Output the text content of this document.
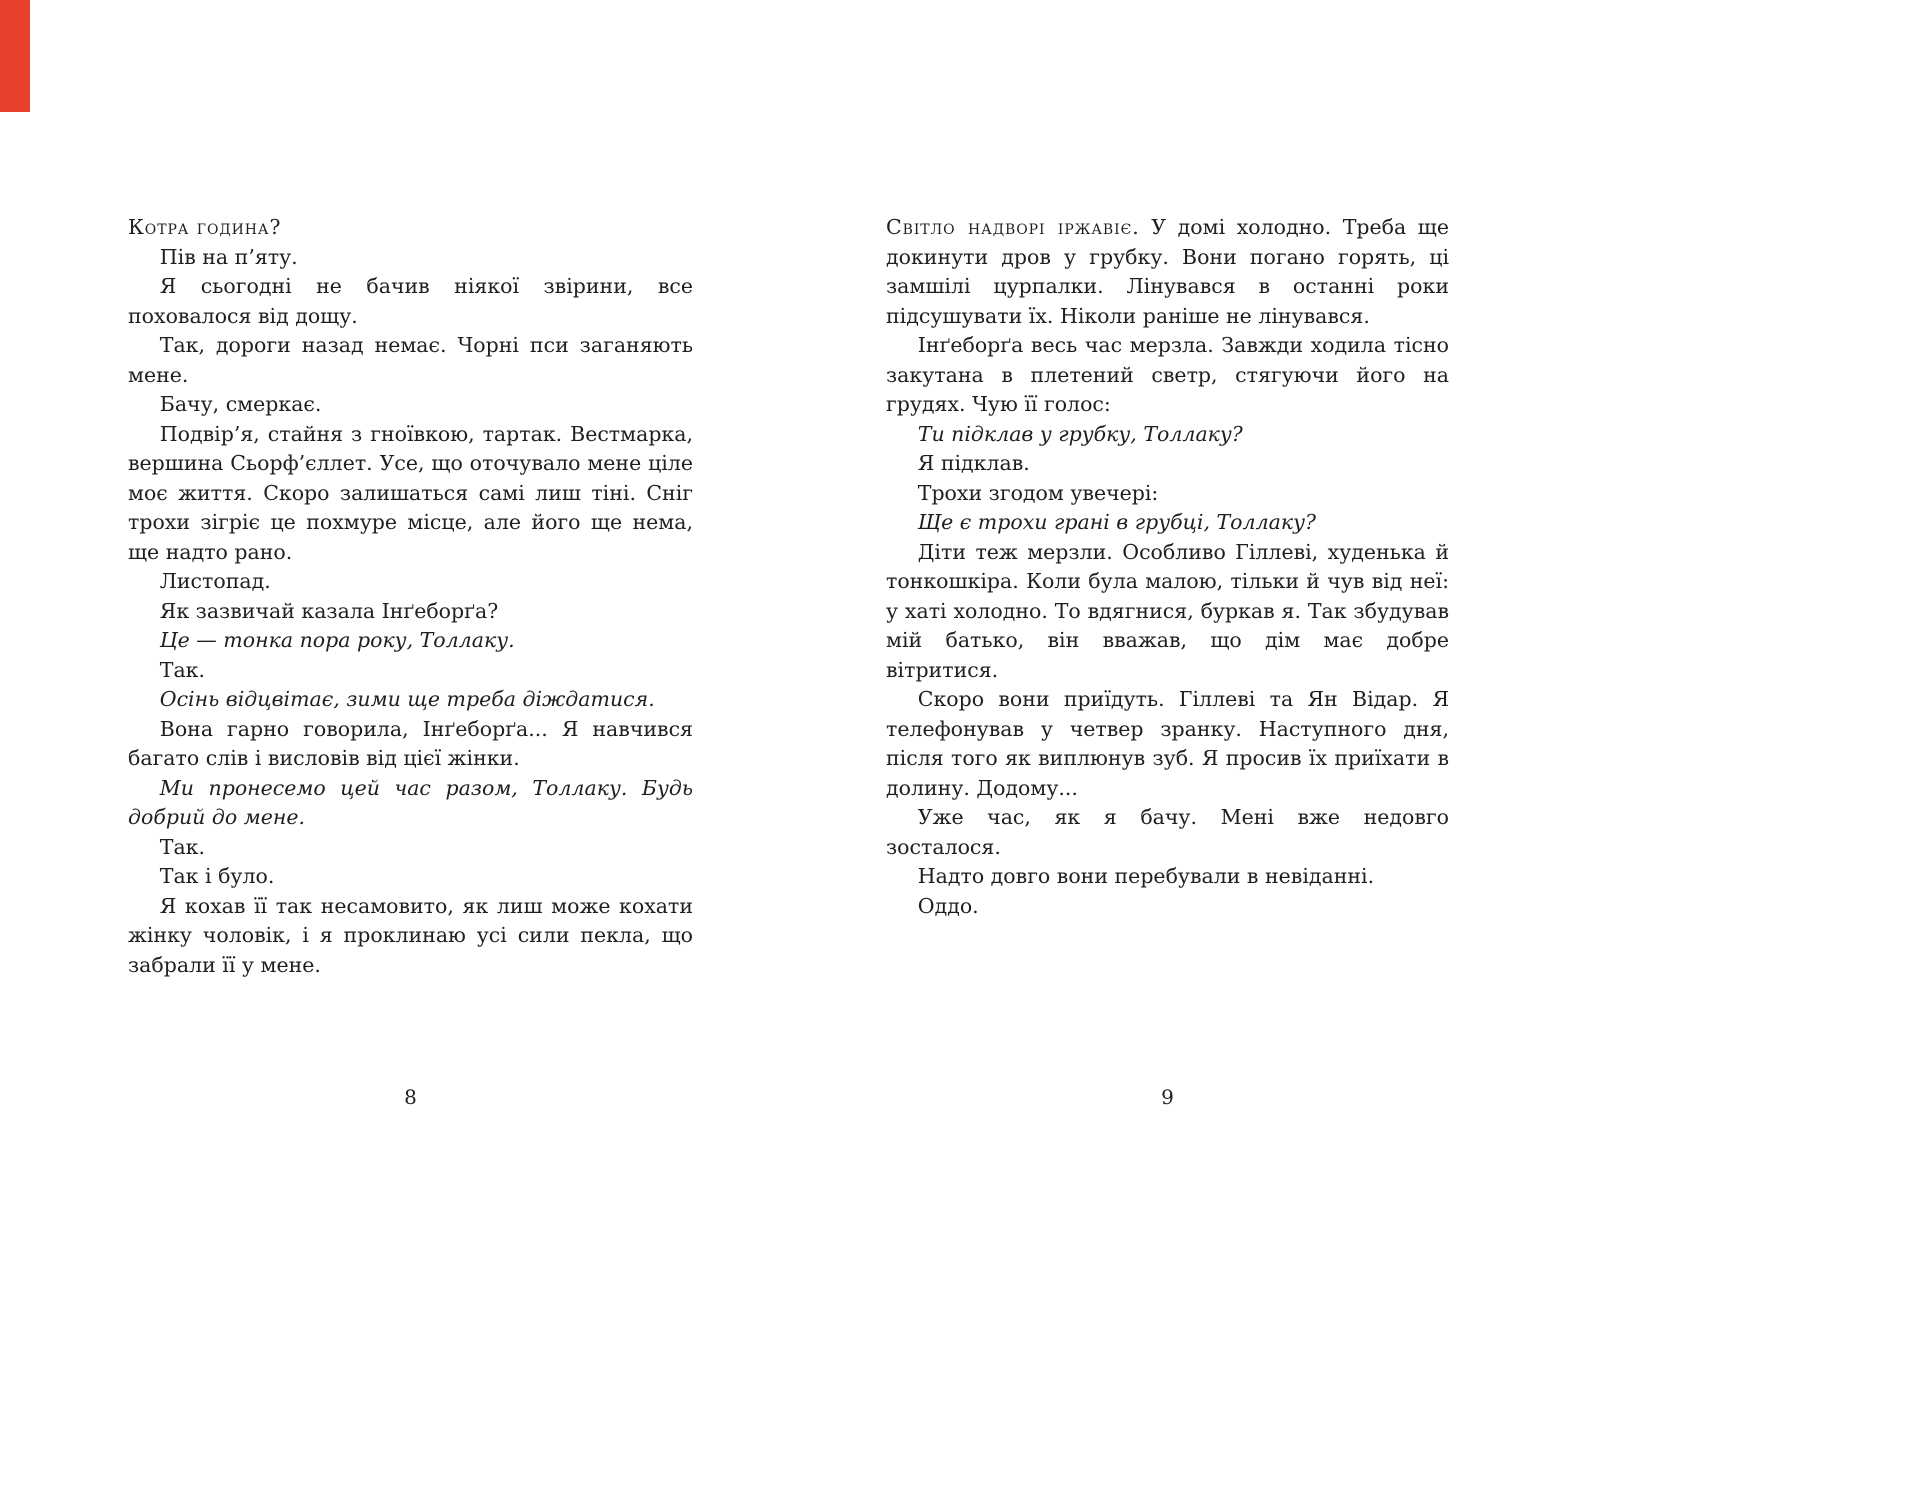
Котра година?

Пів на п’яту.

Я сьогодні не бачив ніякої звірини, все поховалося від дощу.

Так, дороги назад немає. Чорні пси заганяють мене.

Бачу, смеркає.

Подвір’я, стайня з гноївкою, тартак. Вестмарка, вершина Сьорф’єллет. Усе, що оточувало мене ціле моє життя. Скоро залишаться самі лиш тіні. Сніг трохи зігріє це похмуре місце, але його ще нема, ще надто рано.

Листопад.

Як зазвичай казала Інґеборґа?

Це — тонка пора року, Толлаку.

Так.

Осінь відцвітає, зими ще треба діждатися.

Вона гарно говорила, Інґеборґа... Я навчився багато слів і висловів від цієї жінки.

Ми пронесемо цей час разом, Толлаку. Будь добрий до мене.

Так.

Так і було.

Я кохав її так несамовито, як лиш може кохати жінку чоловік, і я проклинаю усі сили пекла, що забрали її у мене.

8

Світло надворі іржавіє. У домі холодно. Треба ще докинути дров у грубку. Вони погано горять, ці замшілі цурпалки. Лінувався в останні роки підсушувати їх. Ніколи раніше не лінувався.

Інґеборґа весь час мерзла. Завжди ходила тісно закутана в плетений светр, стягуючи його на грудях. Чую її голос:

Ти підклав у грубку, Толлаку?

Я підклав.

Трохи згодом увечері:

Ще є трохи грані в грубці, Толлаку?

Діти теж мерзли. Особливо Гіллеві, худенька й тонкошкіра. Коли була малою, тільки й чув від неї: у хаті холодно. То вдягнися, буркав я. Так збудував мій батько, він вважав, що дім має добре вітритися.

Скоро вони приїдуть. Гіллеві та Ян Відар. Я телефонував у четвер зранку. Наступного дня, після того як виплюнув зуб. Я просив їх приїхати в долину. Додому...

Уже час, як я бачу. Мені вже недовго зосталося.

Надто довго вони перебували в невіданні.

Оддо.

9
